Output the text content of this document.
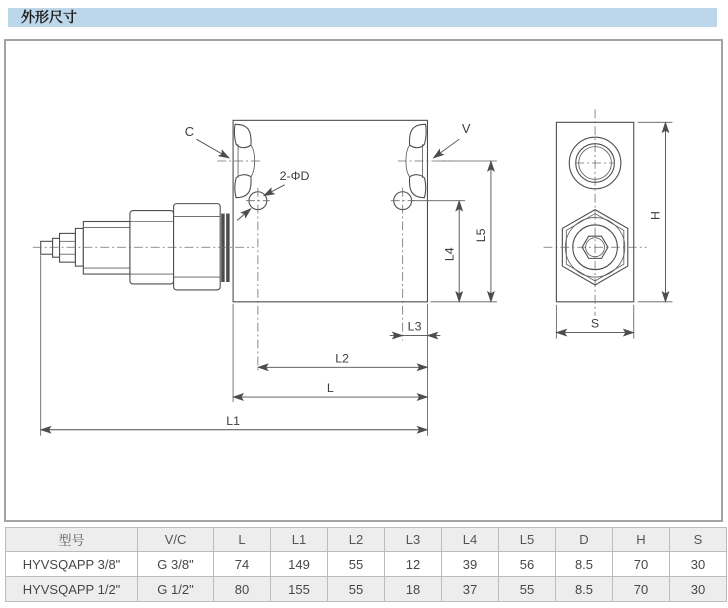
外形尺寸
C	V
2-ΦD
L4
L5
L3
L2
L
L1
H
S
型号	V/C	L	L1	L2	L3	L4	L5	D	H	S
HYVSQAPP 3/8"	G 3/8"	74	149	55	12	39	56	8.5	70	30
HYVSQAPP 1/2"	G 1/2"	80	155	55	18	37	55	8.5	70	30
